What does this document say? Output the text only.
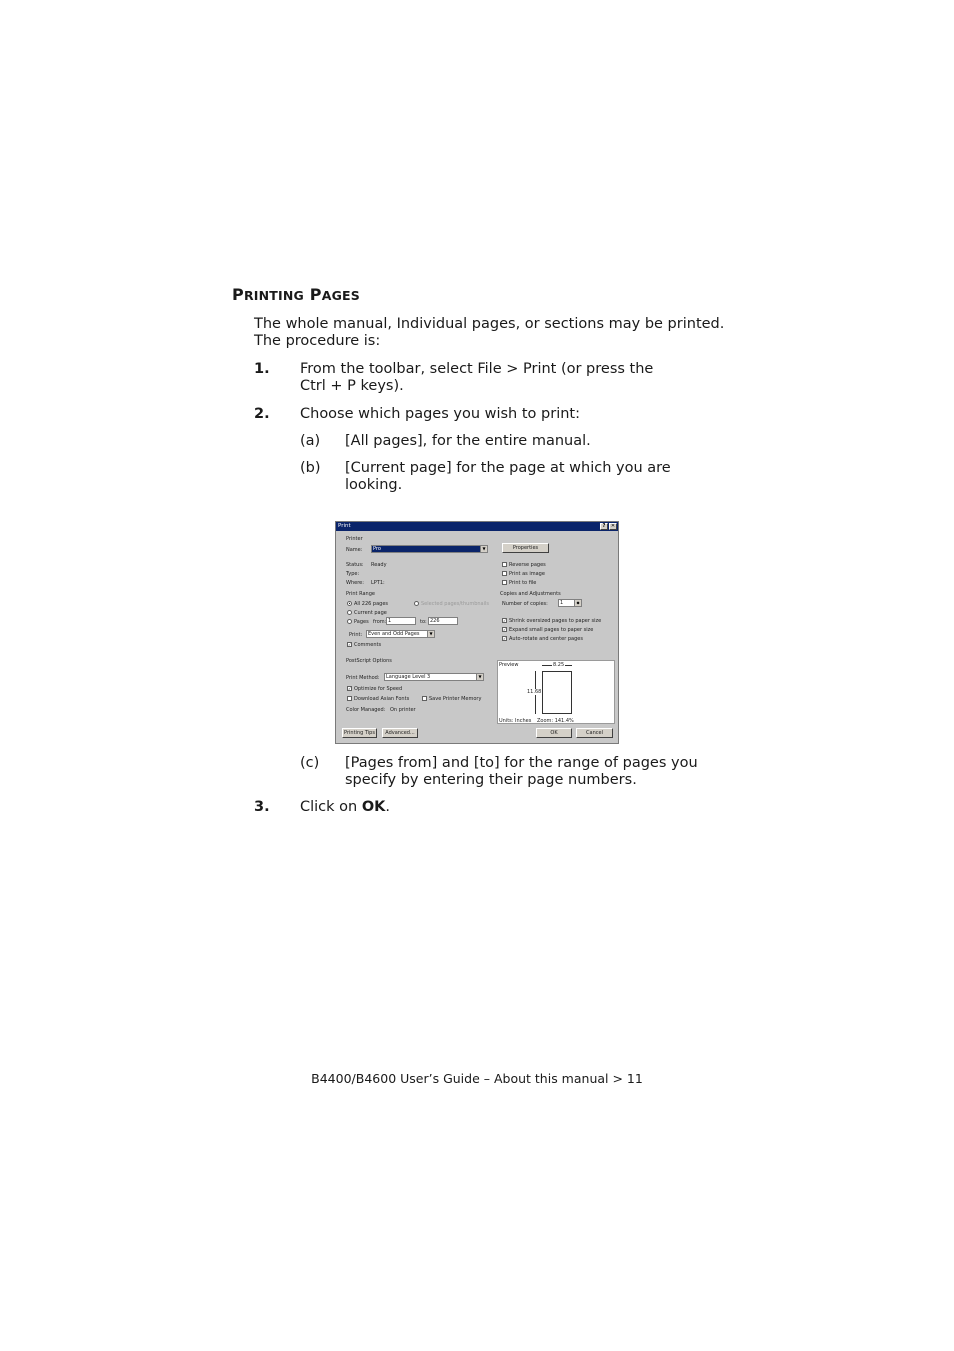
PRINTING PAGES
The whole manual, Individual pages, or sections may be printed.
The procedure is:
1. From the toolbar, select File > Print (or press the
Ctrl + P keys).
2. Choose which pages you wish to print:
(a) [All pages], for the entire manual.
(b) [Current page] for the page at which you are
looking.
Print	?	✕
Printer
Name:	Pro	▼	Properties
Status: Ready
Type:
Where: LPT1:
Reverse pages
Print as image
Print to file
Print Range
• All 226 pages	Selected pages/thumbnails
Current page
Pages from: 1	to: 226
Print:	Even and Odd Pages	▼
✓ Comments
Copies and Adjustments
Number of copies:	1	◆
✓ Shrink oversized pages to paper size
✓ Expand small pages to paper size
✓ Auto-rotate and center pages
PostScript Options
Print Method:	Language Level 3	▼
✓ Optimize for Speed
Download Asian Fonts	Save Printer Memory
Color Managed: On printer
Preview	8.25
11.68
Units: Inches Zoom: 141.4%
Printing Tips	Advanced...	OK	Cancel
(c) [Pages from] and [to] for the range of pages you
specify by entering their page numbers.
3. Click on OK.
B4400/B4600 User’s Guide – About this manual > 11
